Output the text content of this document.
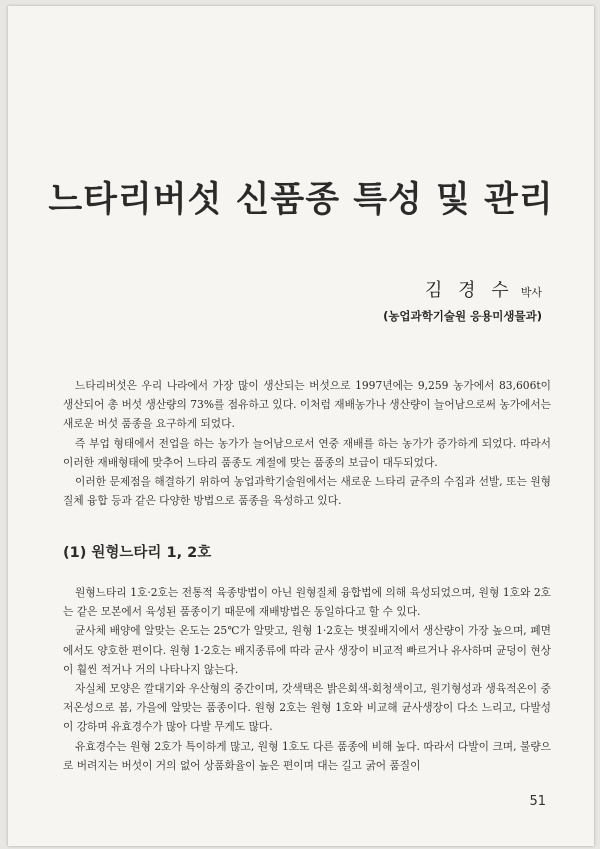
느타리버섯 신품종 특성 및 관리
김 경 수 박사
(농업과학기술원 응용미생물과)

느타리버섯은 우리 나라에서 가장 많이 생산되는 버섯으로 1997년에는 9,259 농가에서 83,606t이 생산되어 총 버섯 생산량의 73%를 점유하고 있다. 이처럼 재배농가나 생산량이 늘어남으로써 농가에서는 새로운 버섯 품종을 요구하게 되었다.

즉 부업 형태에서 전업을 하는 농가가 늘어남으로서 연중 재배를 하는 농가가 증가하게 되었다. 따라서 이러한 재배형태에 맞추어 느타리 품종도 계절에 맞는 품종의 보급이 대두되었다.

이러한 문제점을 해결하기 위하여 농업과학기술원에서는 새로운 느타리 균주의 수집과 선발, 또는 원형질체 융합 등과 같은 다양한 방법으로 품종을 육성하고 있다.

(1) 원형느타리 1, 2호

원형느타리 1호·2호는 전통적 육종방법이 아닌 원형질체 융합법에 의해 육성되었으며, 원형 1호와 2호는 같은 모본에서 육성된 품종이기 때문에 재배방법은 동일하다고 할 수 있다.

균사체 배양에 알맞는 온도는 25℃가 알맞고, 원형 1·2호는 볏짚배지에서 생산량이 가장 높으며, 폐면에서도 양호한 편이다. 원형 1·2호는 배지종류에 따라 균사 생장이 비교적 빠르거나 유사하며 균덩이 현상이 훨씬 적거나 거의 나타나지 않는다.

자실체 모양은 깔대기와 우산형의 중간이며, 갓색택은 밝은회색-회청색이고, 원기형성과 생육적온이 중저온성으로 봄, 가을에 알맞는 품종이다. 원형 2호는 원형 1호와 비교해 균사생장이 다소 느리고, 다발성이 강하며 유효경수가 많아 다발 무게도 많다.

유효경수는 원형 2호가 특이하게 많고, 원형 1호도 다른 품종에 비해 높다. 따라서 다발이 크며, 불량으로 버려지는 버섯이 거의 없어 상품화율이 높은 편이며 대는 길고 굵어 품질이

51
